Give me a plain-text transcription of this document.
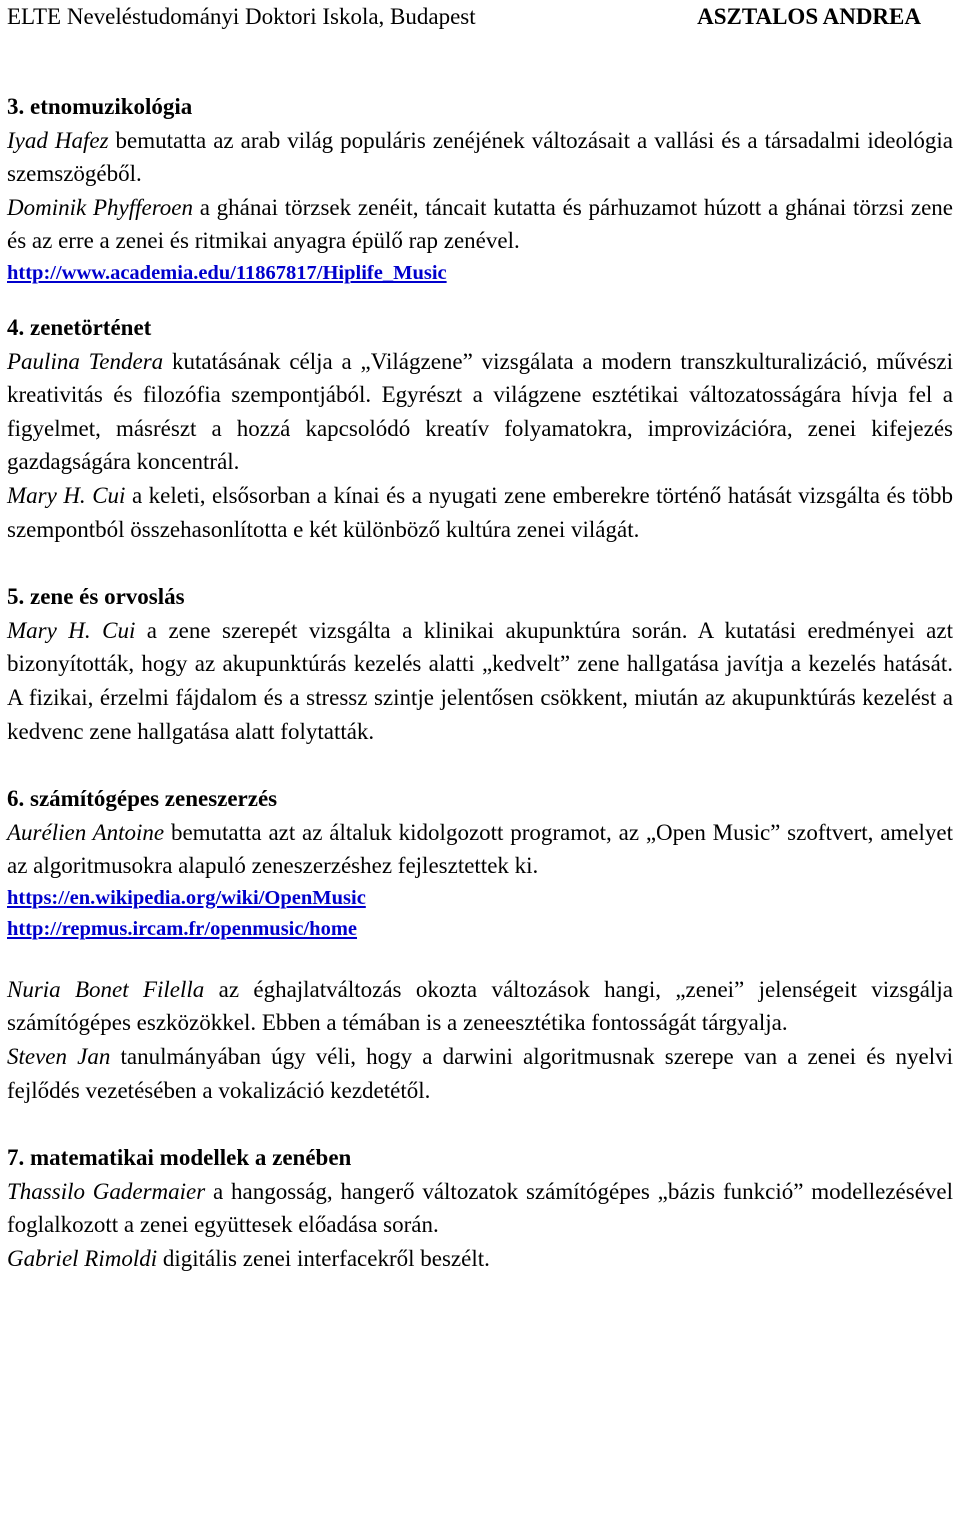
ELTE Neveléstudományi Doktori Iskola, Budapest	ASZTALOS ANDREA
3. etnomuzikológia

Iyad Hafez bemutatta az arab világ populáris zenéjének változásait a vallási és a társadalmi ideológia szemszögéből.

Dominik Phyfferoen a ghánai törzsek zenéit, táncait kutatta és párhuzamot húzott a ghánai törzsi zene és az erre a zenei és ritmikai anyagra épülő rap zenével.

http://www.academia.edu/11867817/Hiplife_Music
4. zenetörténet

Paulina Tendera kutatásának célja a „Világzene” vizsgálata a modern transzkulturalizáció, művészi kreativitás és filozófia szempontjából. Egyrészt a világzene esztétikai változatosságára hívja fel a figyelmet, másrészt a hozzá kapcsolódó kreatív folyamatokra, improvizációra, zenei kifejezés gazdagságára koncentrál.

Mary H. Cui a keleti, elsősorban a kínai és a nyugati zene emberekre történő hatását vizsgálta és több szempontból összehasonlította e két különböző kultúra zenei világát.

5. zene és orvoslás

Mary H. Cui a zene szerepét vizsgálta a klinikai akupunktúra során. A kutatási eredményei azt bizonyították, hogy az akupunktúrás kezelés alatti „kedvelt” zene hallgatása javítja a kezelés hatását. A fizikai, érzelmi fájdalom és a stressz szintje jelentősen csökkent, miután az akupunktúrás kezelést a kedvenc zene hallgatása alatt folytatták.

6. számítógépes zeneszerzés

Aurélien Antoine bemutatta azt az általuk kidolgozott programot, az „Open Music” szoftvert, amelyet az algoritmusokra alapuló zeneszerzéshez fejlesztettek ki.

https://en.wikipedia.org/wiki/OpenMusic
http://repmus.ircam.fr/openmusic/home

Nuria Bonet Filella az éghajlatváltozás okozta változások hangi, „zenei” jelenségeit vizsgálja számítógépes eszközökkel. Ebben a témában is a zeneesztétika fontosságát tárgyalja.

Steven Jan tanulmányában úgy véli, hogy a darwini algoritmusnak szerepe van a zenei és nyelvi fejlődés vezetésében a vokalizáció kezdetétől.

7. matematikai modellek a zenében

Thassilo Gadermaier a hangosság, hangerő változatok számítógépes „bázis funkció” modellezésével foglalkozott a zenei együttesek előadása során.

Gabriel Rimoldi digitális zenei interfacekről beszélt.
